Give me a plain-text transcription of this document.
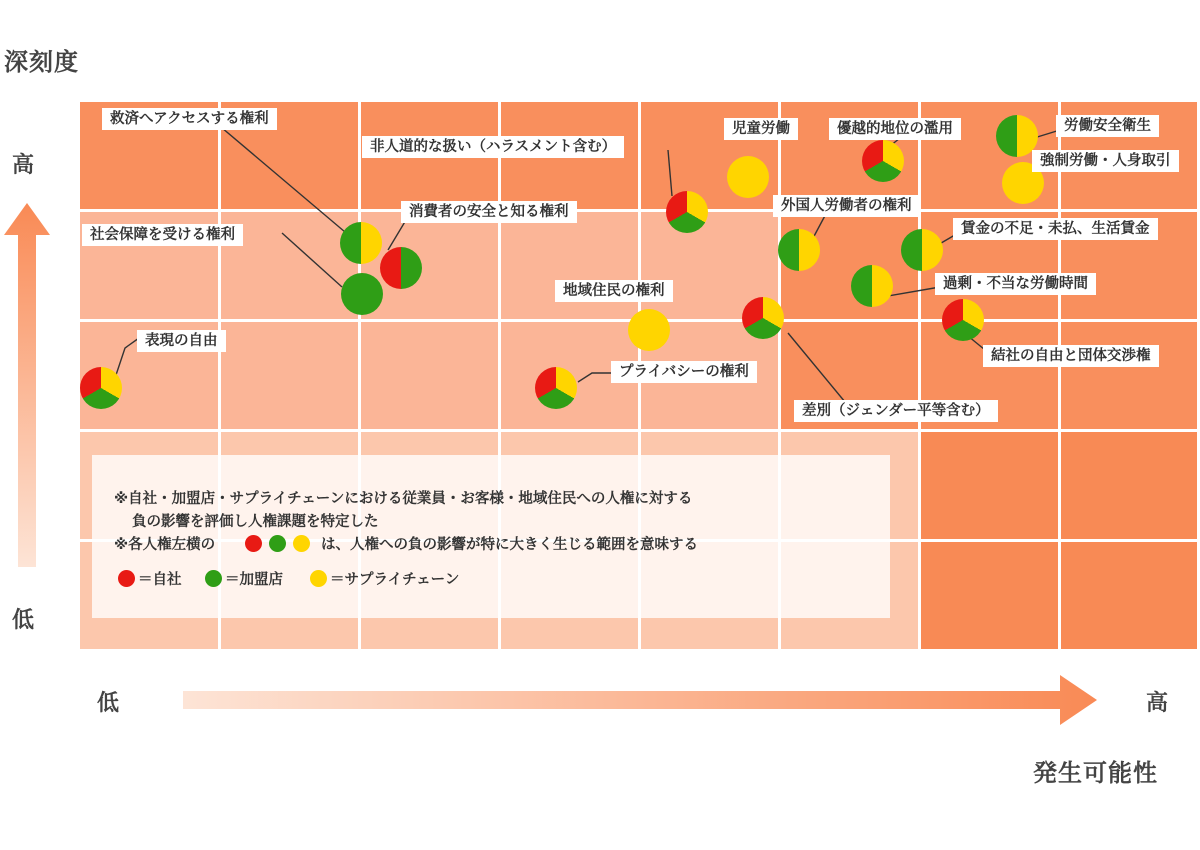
深刻度
高
低
低	高
発生可能性
救済へアクセスする権利
社会保障を受ける権利
消費者の安全と知る権利
非人道的な扱い（ハラスメント含む）
児童労働	優越的地位の濫用	労働安全衛生
強制労働・人身取引
外国人労働者の権利
賃金の不足・未払、生活賃金
過剰・不当な労働時間
地域住民の権利
差別（ジェンダー平等含む）
結社の自由と団体交渉権
表現の自由
プライバシーの権利
※自社・加盟店・サプライチェーンにおける従業員・お客様・地域住民への人権に対する
負の影響を評価し人権課題を特定した
※各人権左横の	は、人権への負の影響が特に大きく生じる範囲を意味する
＝自社	＝加盟店	＝サプライチェーン
